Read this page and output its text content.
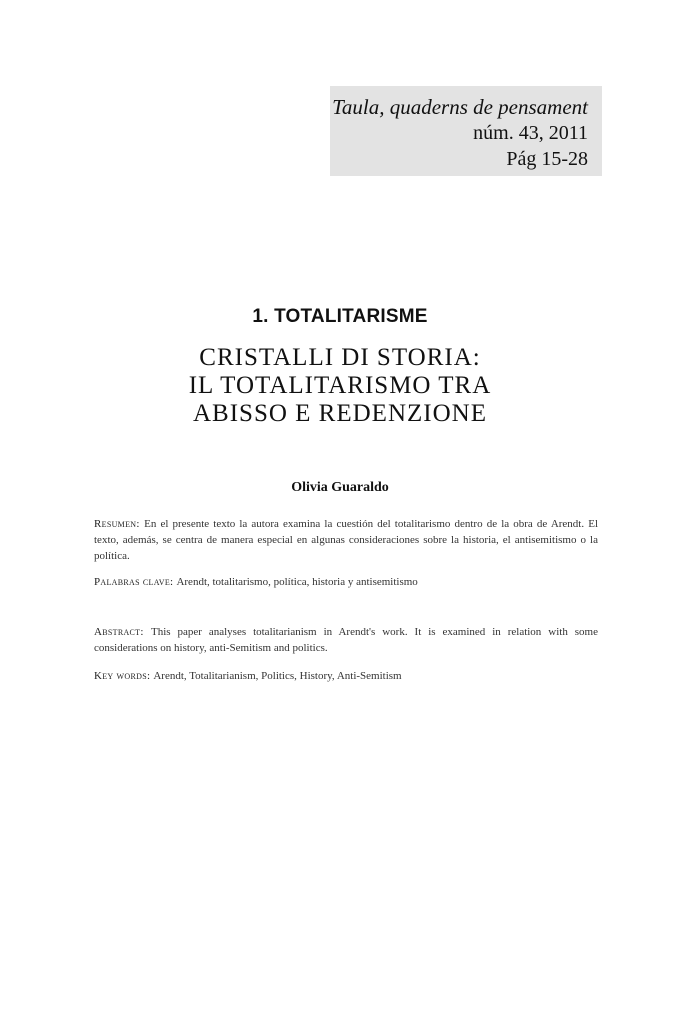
Taula, quaderns de pensament
núm. 43, 2011
Pág 15-28
1. TOTALITARISME
CRISTALLI DI STORIA:
IL TOTALITARISMO TRA
ABISSO E REDENZIONE
Olivia Guaraldo
Resumen: En el presente texto la autora examina la cuestión del totalitarismo dentro de la obra de Arendt. El texto, además, se centra de manera especial en algunas consideraciones sobre la historia, el antisemitismo o la política.
Palabras clave: Arendt, totalitarismo, política, historia y antisemitismo
Abstract: This paper analyses totalitarianism in Arendt's work. It is examined in relation with some considerations on history, anti-Semitism and politics.
Key words: Arendt, Totalitarianism, Politics, History, Anti-Semitism
